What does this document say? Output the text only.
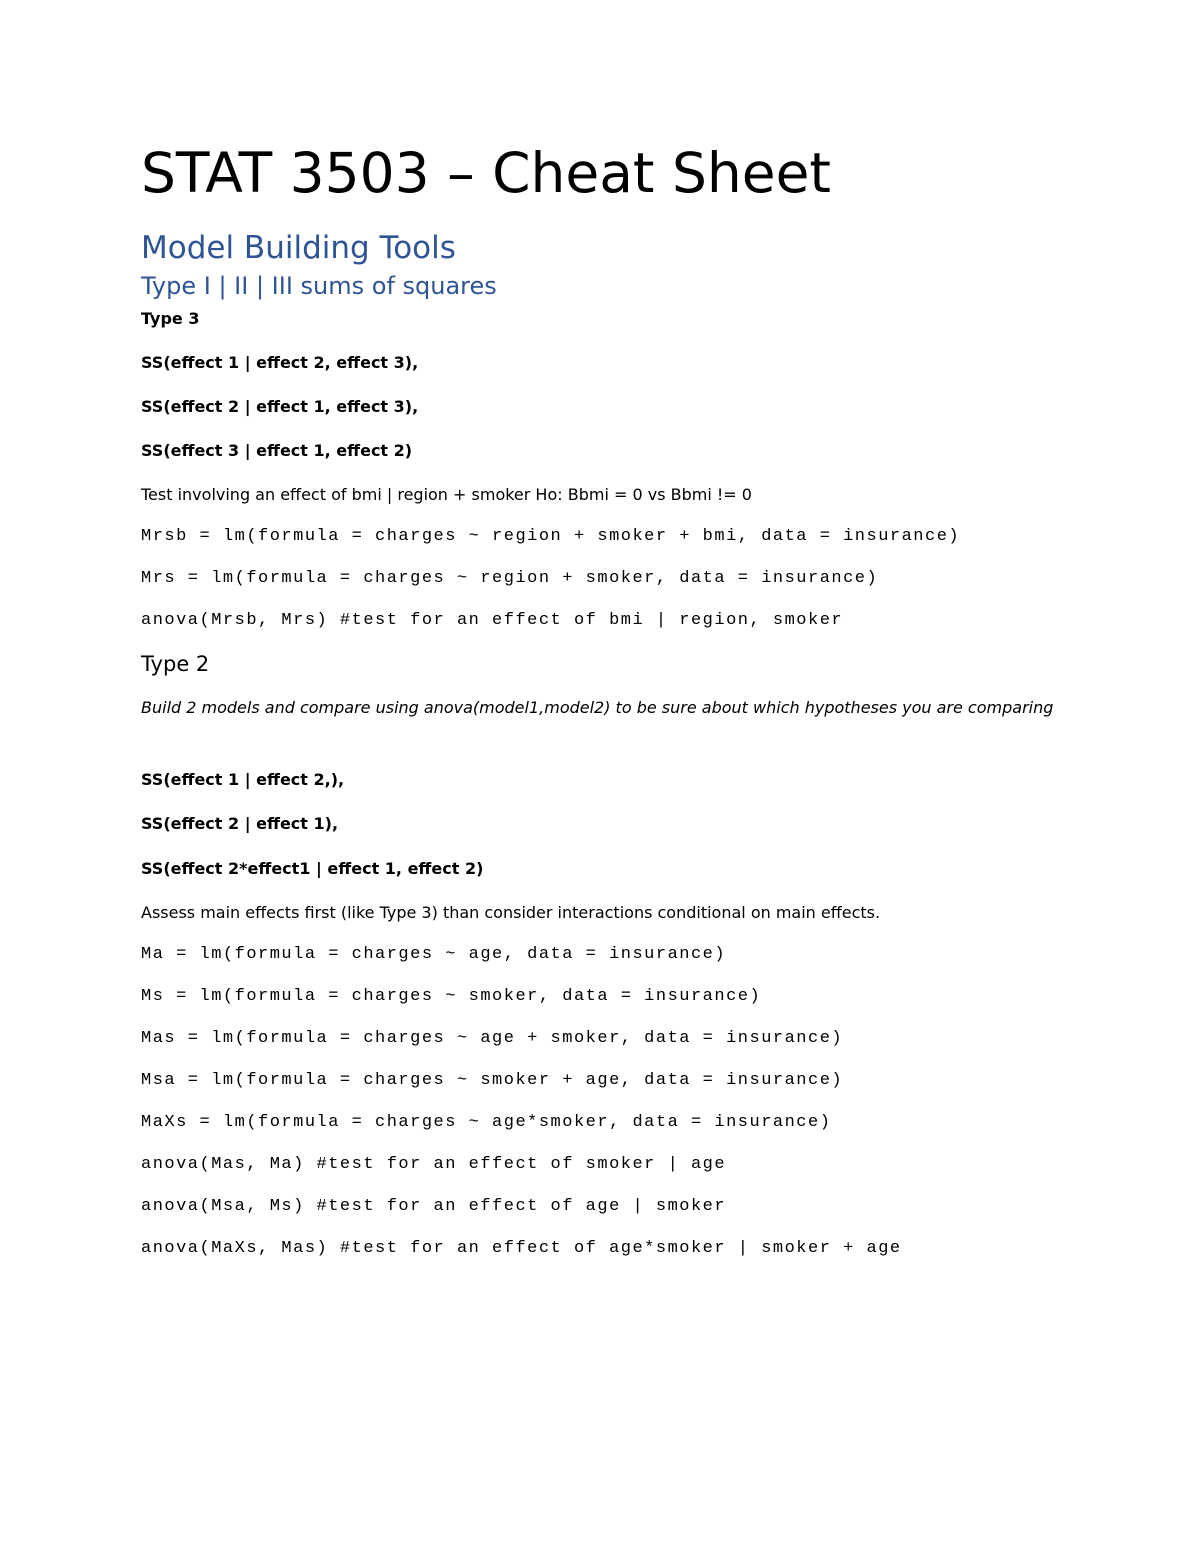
STAT 3503 – Cheat Sheet
Model Building Tools
Type I | II | III sums of squares

Type 3

SS(effect 1 | effect 2, effect 3),

SS(effect 2 | effect 1, effect 3),

SS(effect 3 | effect 1, effect 2)

Test involving an effect of bmi | region + smoker Ho: Bbmi = 0 vs Bbmi != 0

Mrsb = lm(formula = charges ~ region + smoker + bmi, data = insurance)

Mrs = lm(formula = charges ~ region + smoker, data = insurance)

anova(Mrsb, Mrs) #test for an effect of bmi | region, smoker

Type 2

Build 2 models and compare using anova(model1,model2) to be sure about which hypotheses you are comparing

SS(effect 1 | effect 2,),

SS(effect 2 | effect 1),

SS(effect 2*effect1 | effect 1, effect 2)

Assess main effects first (like Type 3) than consider interactions conditional on main effects.

Ma = lm(formula = charges ~ age, data = insurance)

Ms = lm(formula = charges ~ smoker, data = insurance)

Mas = lm(formula = charges ~ age + smoker, data = insurance)

Msa = lm(formula = charges ~ smoker + age, data = insurance)

MaXs = lm(formula = charges ~ age*smoker, data = insurance)

anova(Mas, Ma) #test for an effect of smoker | age

anova(Msa, Ms) #test for an effect of age | smoker

anova(MaXs, Mas) #test for an effect of age*smoker | smoker + age
